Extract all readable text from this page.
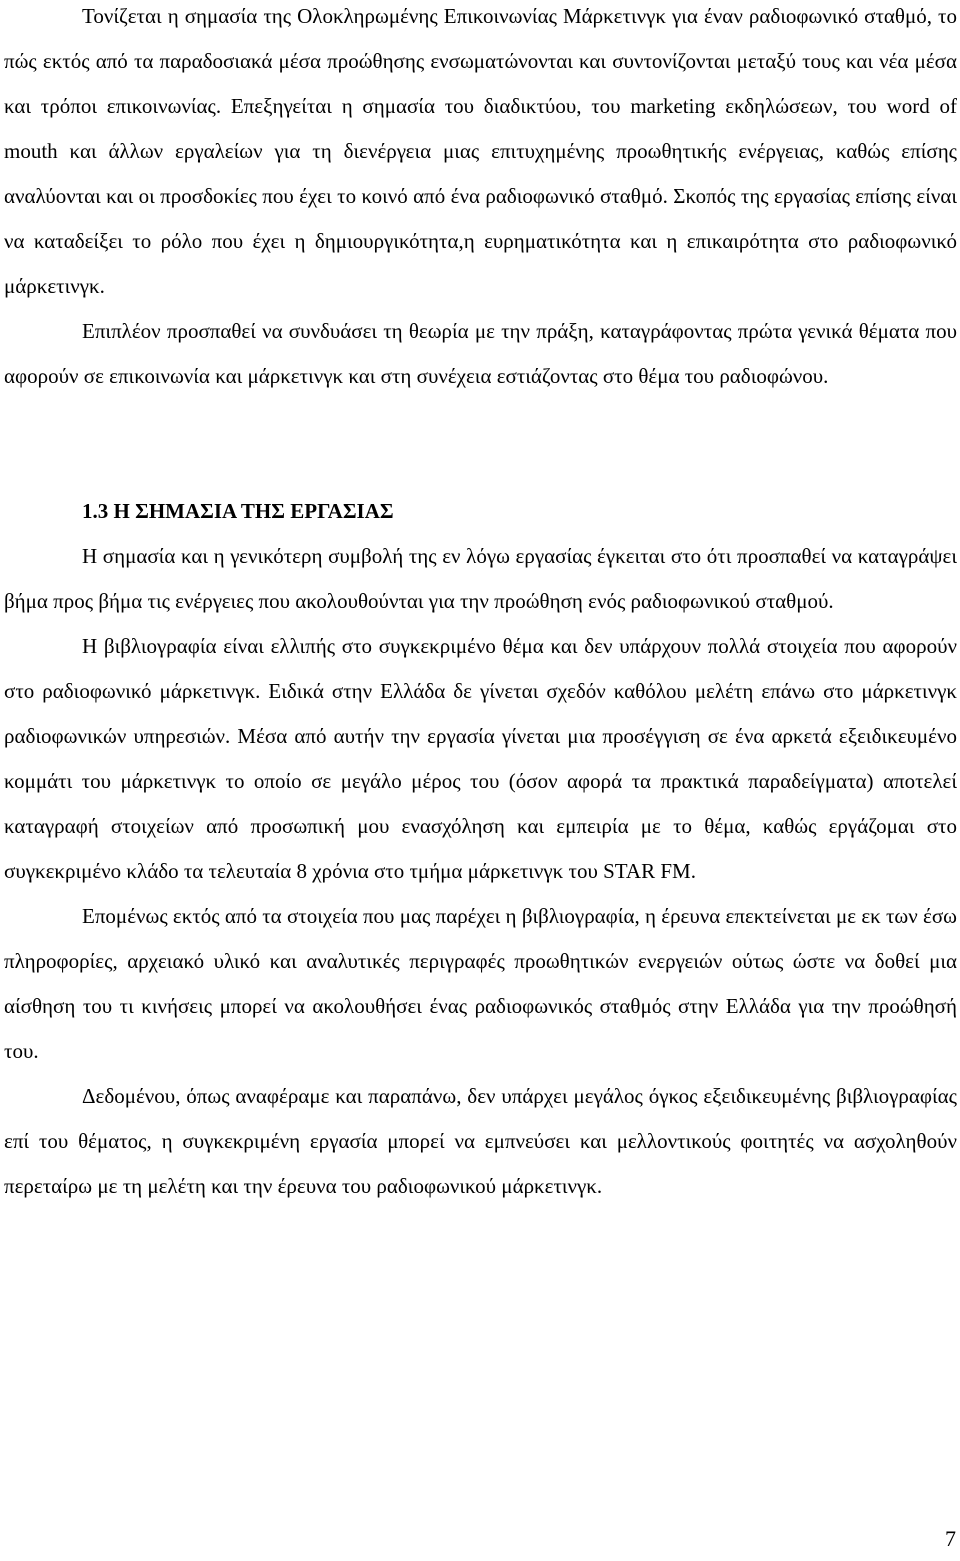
Τονίζεται η σημασία της Ολοκληρωμένης Επικοινωνίας Μάρκετινγκ για έναν ραδιοφωνικό σταθμό, το πώς εκτός από τα παραδοσιακά μέσα προώθησης ενσωματώνονται και συντονίζονται μεταξύ τους και νέα μέσα και τρόποι επικοινωνίας. Επεξηγείται η σημασία του διαδικτύου, του marketing εκδηλώσεων, του word of mouth και άλλων εργαλείων για τη διενέργεια μιας επιτυχημένης προωθητικής ενέργειας, καθώς επίσης αναλύονται και οι προσδοκίες που έχει το κοινό από ένα ραδιοφωνικό σταθμό. Σκοπός της εργασίας επίσης είναι να καταδείξει το ρόλο που έχει η δημιουργικότητα,η ευρηματικότητα και η επικαιρότητα στο ραδιοφωνικό μάρκετινγκ.

Επιπλέον προσπαθεί να συνδυάσει τη θεωρία με την πράξη, καταγράφοντας πρώτα γενικά θέματα που αφορούν σε επικοινωνία και μάρκετινγκ και στη συνέχεια εστιάζοντας στο θέμα του ραδιοφώνου.

1.3 Η ΣΗΜΑΣΙΑ ΤΗΣ ΕΡΓΑΣΙΑΣ

Η σημασία και η γενικότερη συμβολή της εν λόγω εργασίας έγκειται στο ότι προσπαθεί να καταγράψει βήμα προς βήμα τις ενέργειες που ακολουθούνται για την προώθηση ενός ραδιοφωνικού σταθμού.

Η βιβλιογραφία είναι ελλιπής στο συγκεκριμένο θέμα και δεν υπάρχουν πολλά στοιχεία που αφορούν στο ραδιοφωνικό μάρκετινγκ. Ειδικά στην Ελλάδα δε γίνεται σχεδόν καθόλου μελέτη επάνω στο μάρκετινγκ ραδιοφωνικών υπηρεσιών. Μέσα από αυτήν την εργασία γίνεται μια προσέγγιση σε ένα αρκετά εξειδικευμένο κομμάτι του μάρκετινγκ το οποίο σε μεγάλο μέρος του (όσον αφορά τα πρακτικά παραδείγματα) αποτελεί καταγραφή στοιχείων από προσωπική μου ενασχόληση και εμπειρία με το θέμα, καθώς εργάζομαι στο συγκεκριμένο κλάδο τα τελευταία 8 χρόνια στο τμήμα μάρκετινγκ του STAR FM.

Επομένως εκτός από τα στοιχεία που μας παρέχει η βιβλιογραφία, η έρευνα επεκτείνεται με εκ των έσω πληροφορίες, αρχειακό υλικό και αναλυτικές περιγραφές προωθητικών ενεργειών ούτως ώστε να δοθεί μια αίσθηση του τι κινήσεις μπορεί να ακολουθήσει ένας ραδιοφωνικός σταθμός στην Ελλάδα για την προώθησή του.

Δεδομένου, όπως αναφέραμε και παραπάνω, δεν υπάρχει μεγάλος όγκος εξειδικευμένης βιβλιογραφίας επί του θέματος, η συγκεκριμένη εργασία μπορεί να εμπνεύσει και μελλοντικούς φοιτητές να ασχοληθούν περεταίρω με τη μελέτη και την έρευνα του ραδιοφωνικού μάρκετινγκ.

7
